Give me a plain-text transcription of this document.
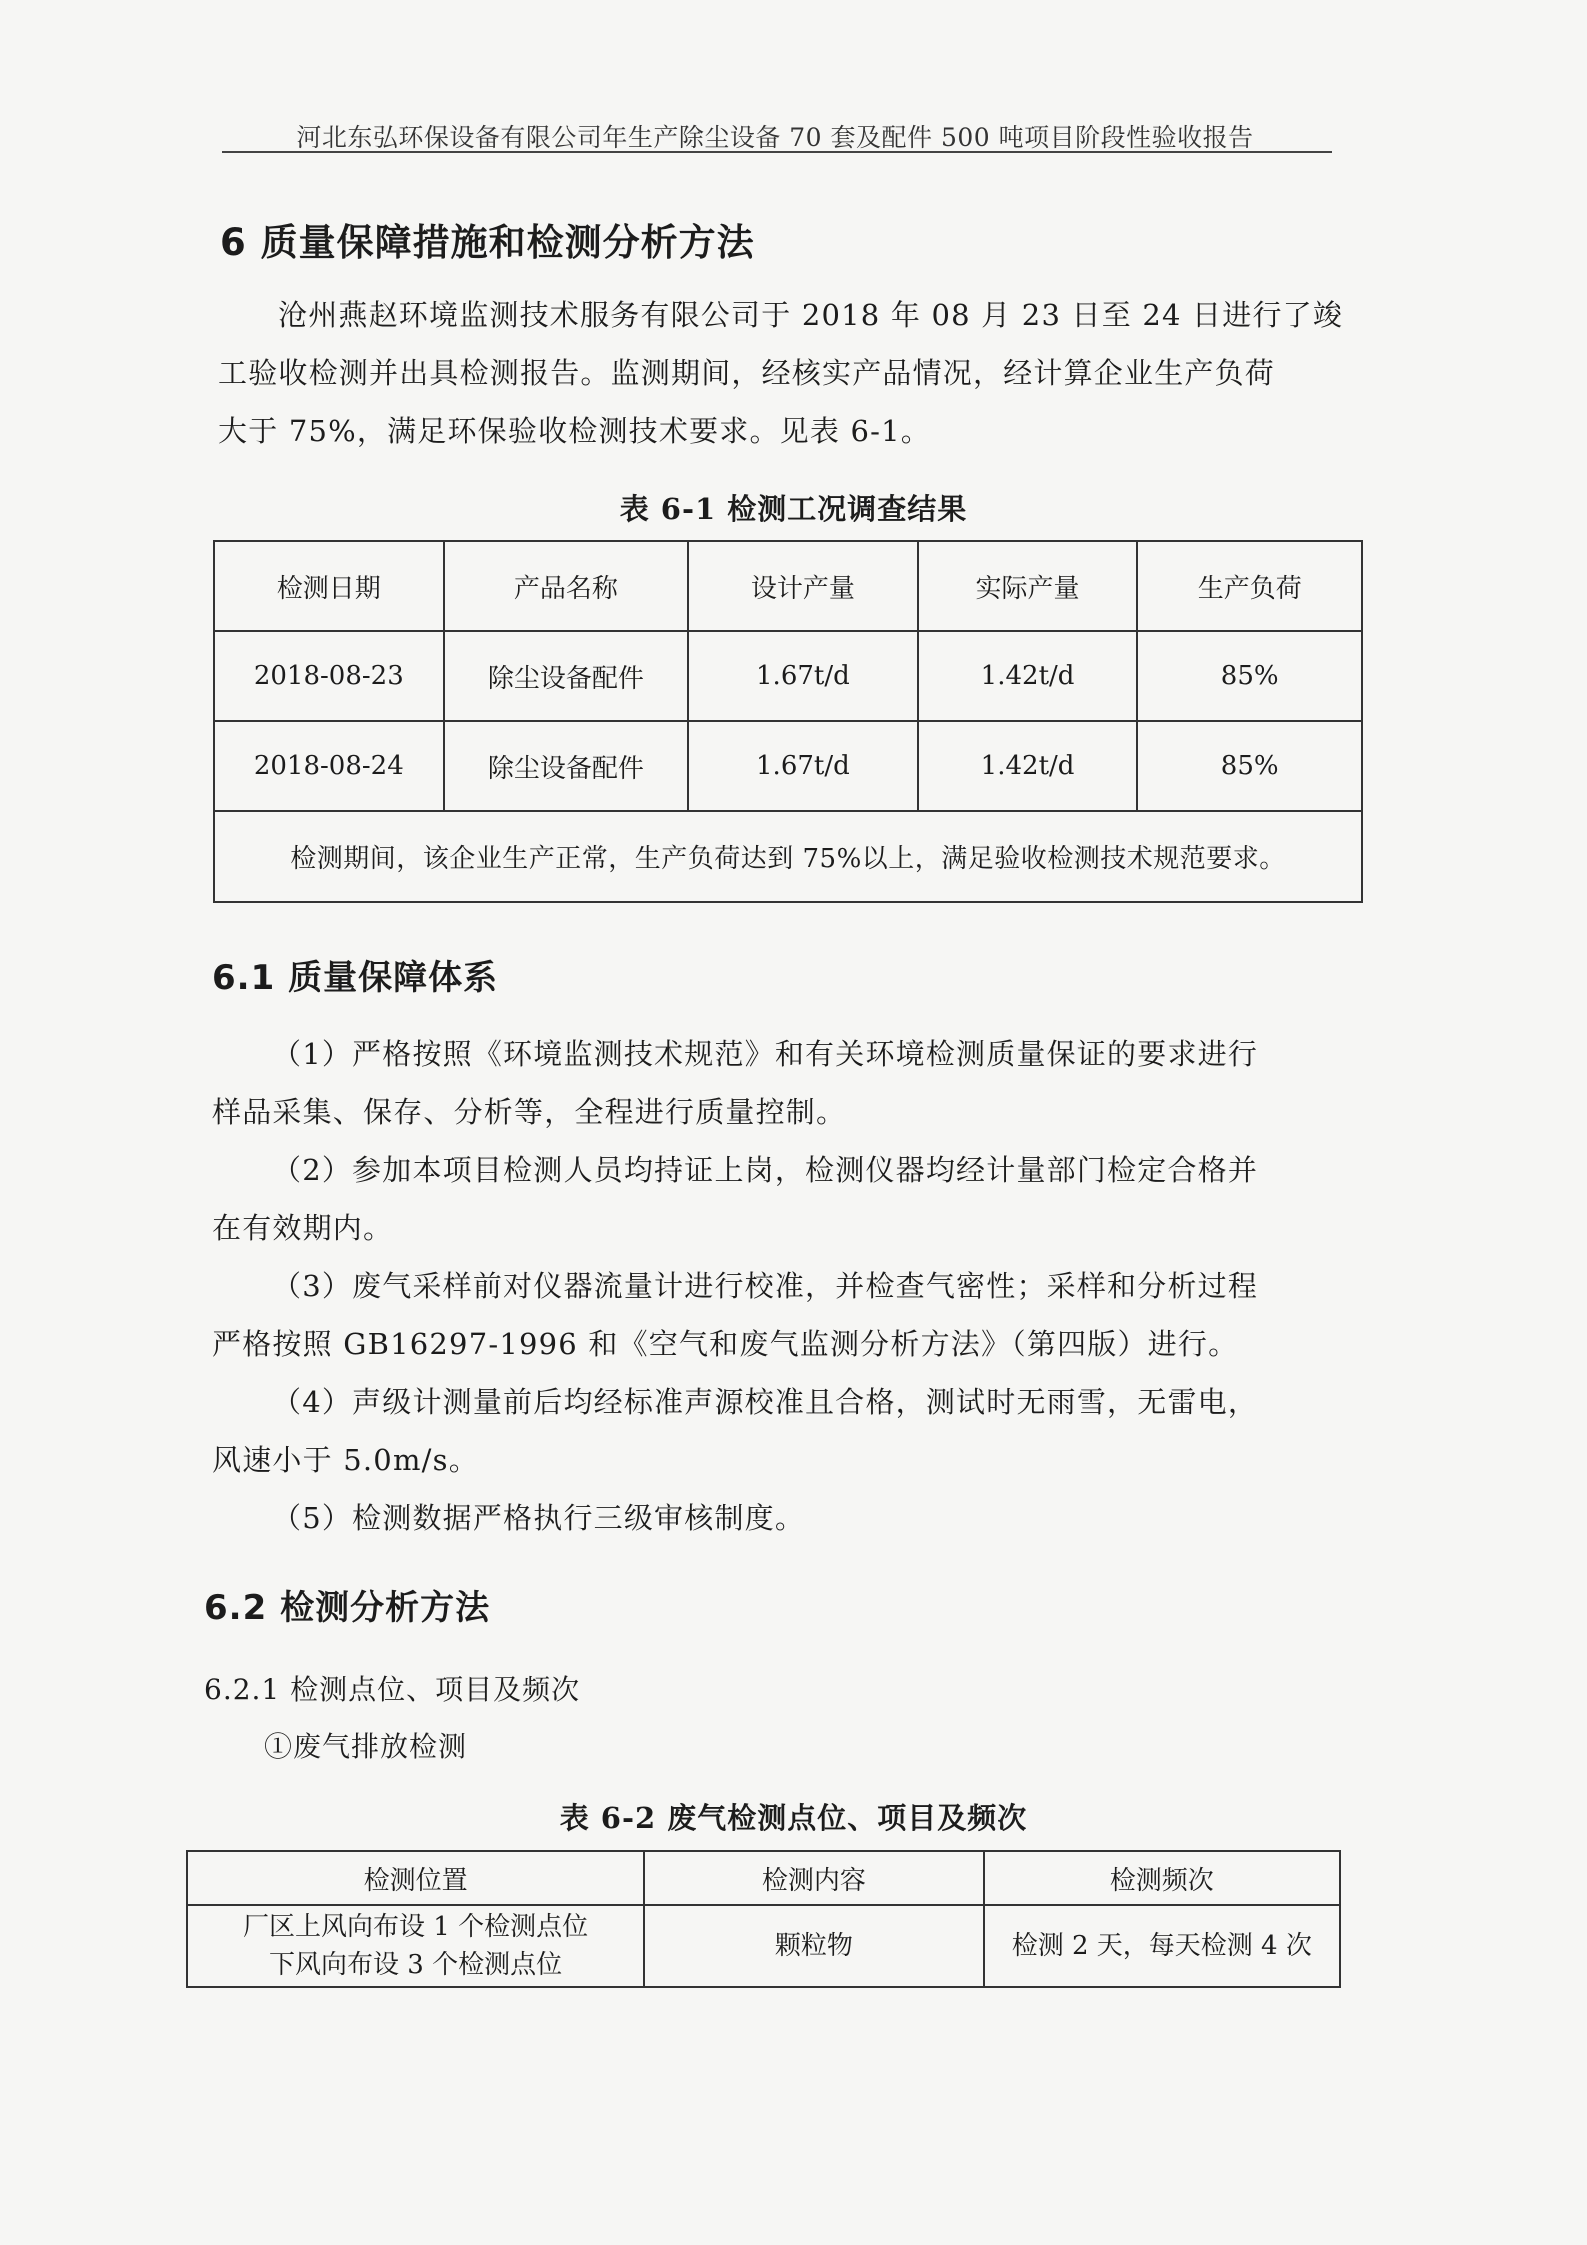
河北东弘环保设备有限公司年生产除尘设备 70 套及配件 500 吨项目阶段性验收报告
6 质量保障措施和检测分析方法
沧州燕赵环境监测技术服务有限公司于 2018 年 08 月 23 日至 24 日进行了竣
工验收检测并出具检测报告。监测期间，经核实产品情况，经计算企业生产负荷
大于 75%，满足环保验收检测技术要求。见表 6-1。
表 6-1 检测工况调查结果
检测日期	产品名称	设计产量	实际产量	生产负荷
2018-08-23	除尘设备配件	1.67t/d	1.42t/d	85%
2018-08-24	除尘设备配件	1.67t/d	1.42t/d	85%
检测期间，该企业生产正常，生产负荷达到 75%以上，满足验收检测技术规范要求。				
6.1 质量保障体系
（1）严格按照《环境监测技术规范》和有关环境检测质量保证的要求进行
样品采集、保存、分析等，全程进行质量控制。
（2）参加本项目检测人员均持证上岗，检测仪器均经计量部门检定合格并
在有效期内。
（3）废气采样前对仪器流量计进行校准，并检查气密性；采样和分析过程
严格按照 GB16297-1996 和《空气和废气监测分析方法》（第四版）进行。
（4）声级计测量前后均经标准声源校准且合格，测试时无雨雪，无雷电，
风速小于 5.0m/s。
（5）检测数据严格执行三级审核制度。
6.2 检测分析方法
6.2.1 检测点位、项目及频次
①废气排放检测
表 6-2 废气检测点位、项目及频次
检测位置	检测内容	检测频次

厂区上风向布设 1 个检测点位
下风向布设 3 个检测点位	颗粒物	检测 2 天，每天检测 4 次
